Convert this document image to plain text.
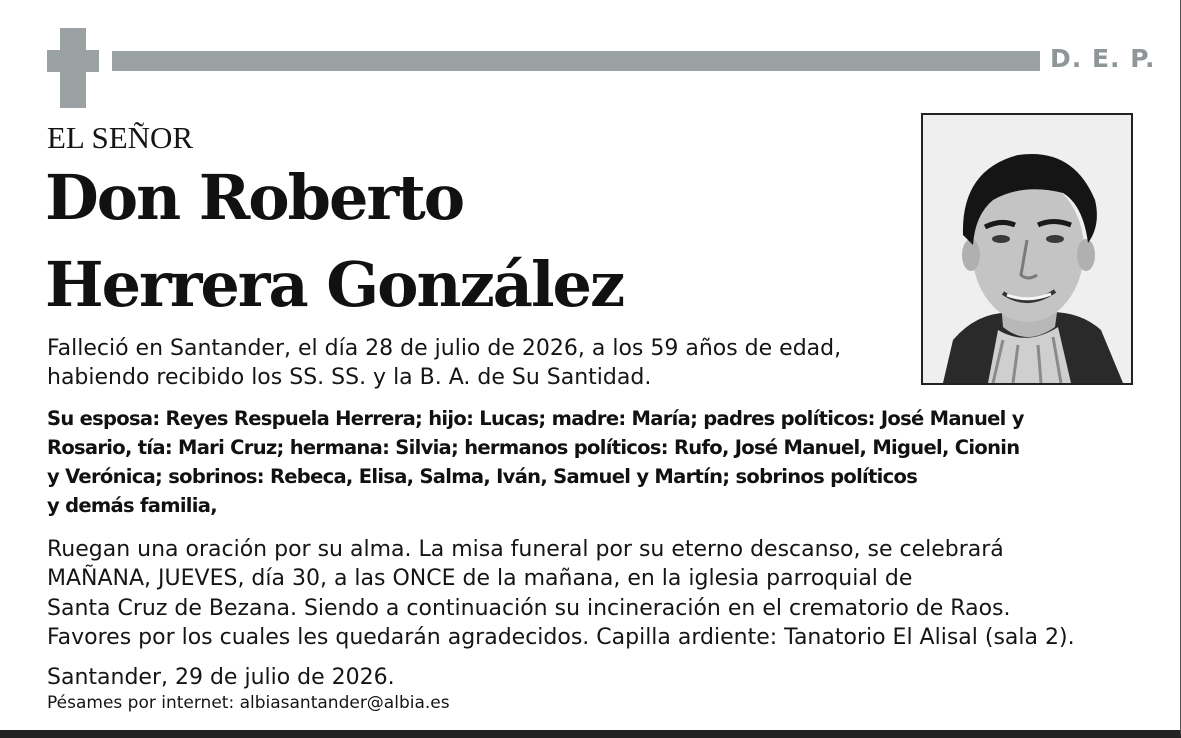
D. E. P.
EL SEÑOR
Don Roberto
Herrera González
Falleció en Santander, el día 28 de julio de 2026, a los 59 años de edad,
habiendo recibido los SS. SS. y la B. A. de Su Santidad.
Su esposa: Reyes Respuela Herrera; hijo: Lucas; madre: María; padres políticos: José Manuel y
Rosario, tía: Mari Cruz; hermana: Silvia; hermanos políticos: Rufo, José Manuel, Miguel, Cionin
y Verónica; sobrinos: Rebeca, Elisa, Salma, Iván, Samuel y Martín; sobrinos políticos
y demás familia,
Ruegan una oración por su alma. La misa funeral por su eterno descanso, se celebrará
MAÑANA, JUEVES, día 30, a las ONCE de la mañana, en la iglesia parroquial de
Santa Cruz de Bezana. Siendo a continuación su incineración en el crematorio de Raos.
Favores por los cuales les quedarán agradecidos. Capilla ardiente: Tanatorio El Alisal (sala 2).
Santander, 29 de julio de 2026.
Pésames por internet: albiasantander@albia.es
